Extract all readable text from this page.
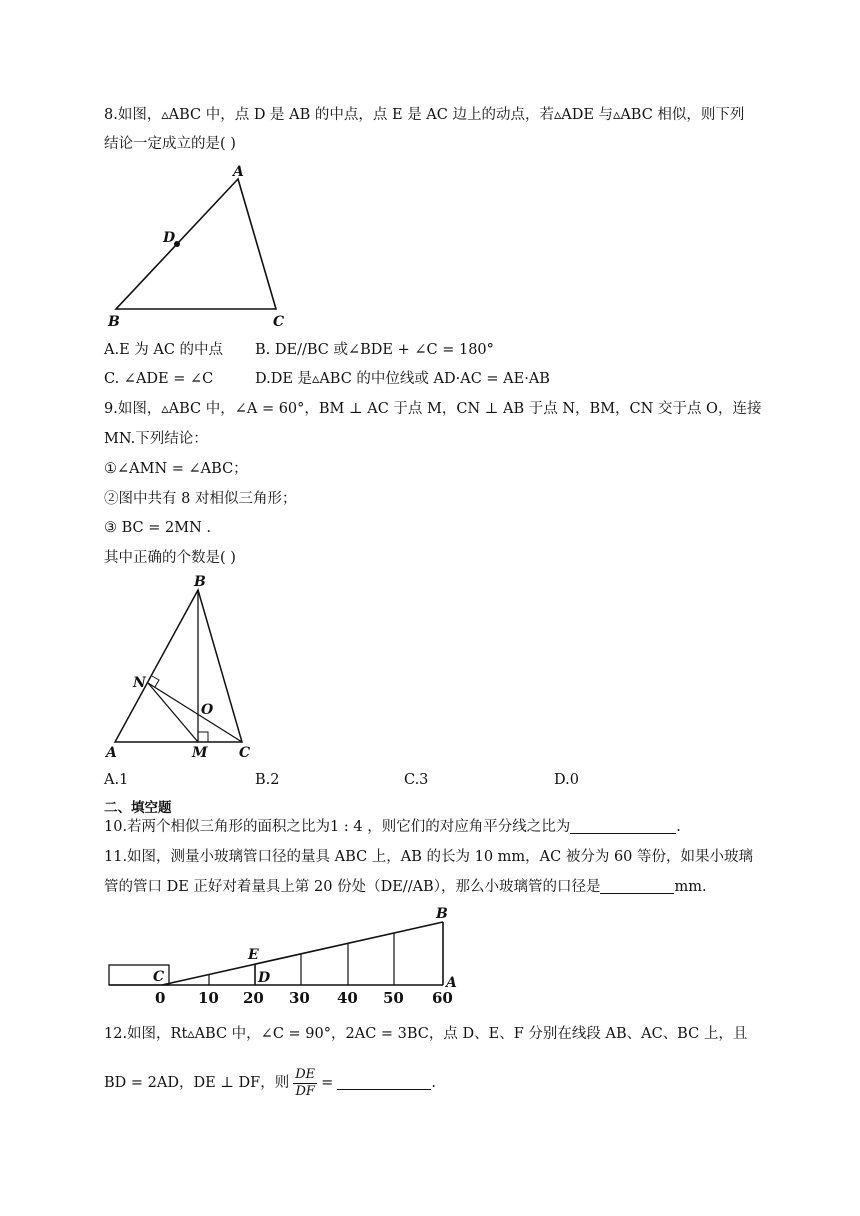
8.如图，▵ABC 中，点 D 是 AB 的中点，点 E 是 AC 边上的动点，若▵ADE 与▵ABC 相似，则下列
结论一定成立的是( )
A
B	C
D
A.E 为 AC 的中点 B. DE//BC 或∠BDE + ∠C = 180°
C. ∠ADE = ∠C	D.DE 是▵ABC 的中位线或 AD·AC = AE·AB
9.如图，▵ABC 中，∠A = 60°，BM ⊥ AC 于点 M，CN ⊥ AB 于点 N，BM，CN 交于点 O，连接
MN.下列结论：
①∠AMN = ∠ABC；
②图中共有 8 对相似三角形；
③ BC = 2MN .
其中正确的个数是( )
B
N
O
A	M C
A.1	B.2	C.3	D.0
二、填空题
10.若两个相似三角形的面积之比为1 : 4 ，则它们的对应角平分线之比为	.
11.如图，测量小玻璃管口径的量具 ABC 上，AB 的长为 10 mm，AC 被分为 60 等份，如果小玻璃
管的管口 DE 正好对着量具上第 20 份处（DE//AB），那么小玻璃管的口径是	mm.
B
E
C	D	A
0 10 20 30 40 50 60
12.如图，Rt▵ABC 中，∠C = 90°，2AC = 3BC，点 D、E、F 分别在线段 AB、AC、BC 上，且
BD = 2AD，DE ⊥ DF，则 $\frac{DE}{DF}$ =	.
